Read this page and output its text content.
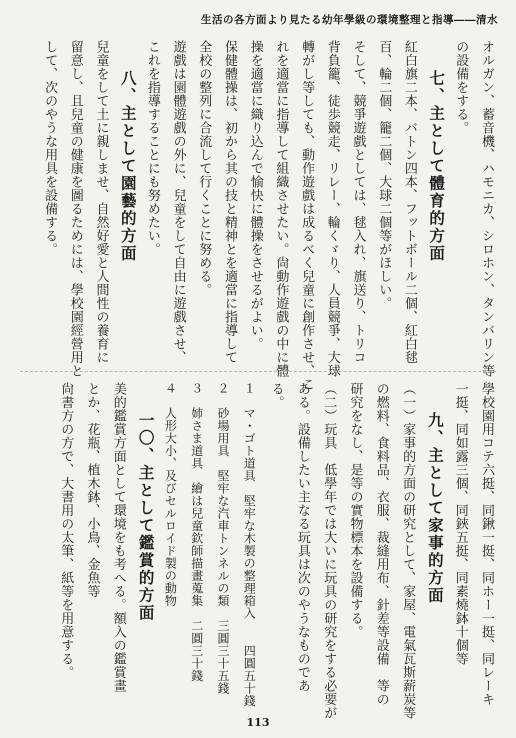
生活の各方面より見たる幼年學級の環境整理と指導――清水
オルガン、蓄音機、ハモニカ、シロホン、タンバリン等
の設備をする。
七、主として體育的方面
紅白旗二本、バトン四本、フットボール二個、紅白毬
百、輪二個、籠二個、大球二個等がほしい。
そして、競爭遊戲としては、毬入れ、旗送り、トリコ
背負籠、徒歩競走、リレー、輪くゞり、人員競爭、大球
轉がし等しても、動作遊戲は成るべく兒童に創作させ、こ
れを適當に指導して組織させたい。尙動作遊戲の中に體
操を適當に織り込んで愉快に體操をさせるがよい。
保健體操は、初から其の技と精神とを適當に指導して
全校の整列に合流して行くことに努める。
遊戲は園體遊戲の外に、兒童をして自由に遊戲させ、
これを指導することにも努めたい。
八、主として園藝的方面
兒童をして土に親しませ、自然好愛と人間性の養育に
留意し、且兒童の健康を圖るためには、學校園經營用と
して、次のやうな用具を設備する。
學校園用コテ六挺、同鍬一挺、同ホー一挺、同レーキ
一挺、同如露三個、同鋏五挺、同素燒鉢十個等
九、主として家事的方面
（一）家事的方面の研究として、家屋、電氣瓦斯薪炭等
の燃料、食料品、衣服、裁縫用布、針差等設備　等の
研究をなし、是等の實物標本を設備する。
（二）玩具　低學年では大いに玩具の研究をする必要が
ある。設備したい主なる玩具は次のやうなものであ
る。
１　マ・ゴト道具　堅牢な木製の整理箱入　　四圓五十錢
２　砂場用具　堅牢な汽車トンネルの類　三圓三十五錢
３　姉さま道具　繪は兒童欽師描畫蒐集　二圓三十錢
４　人形大小、及びセルロイド製の動物
一〇、主として鑑賞的方面
美的鑑賞方面として環境をも考へる。額入の鑑賞畫
とか、花瓶、植木鉢、小鳥、金魚等
尙書方の方で、大書用の太筆、紙等を用意する。
113
